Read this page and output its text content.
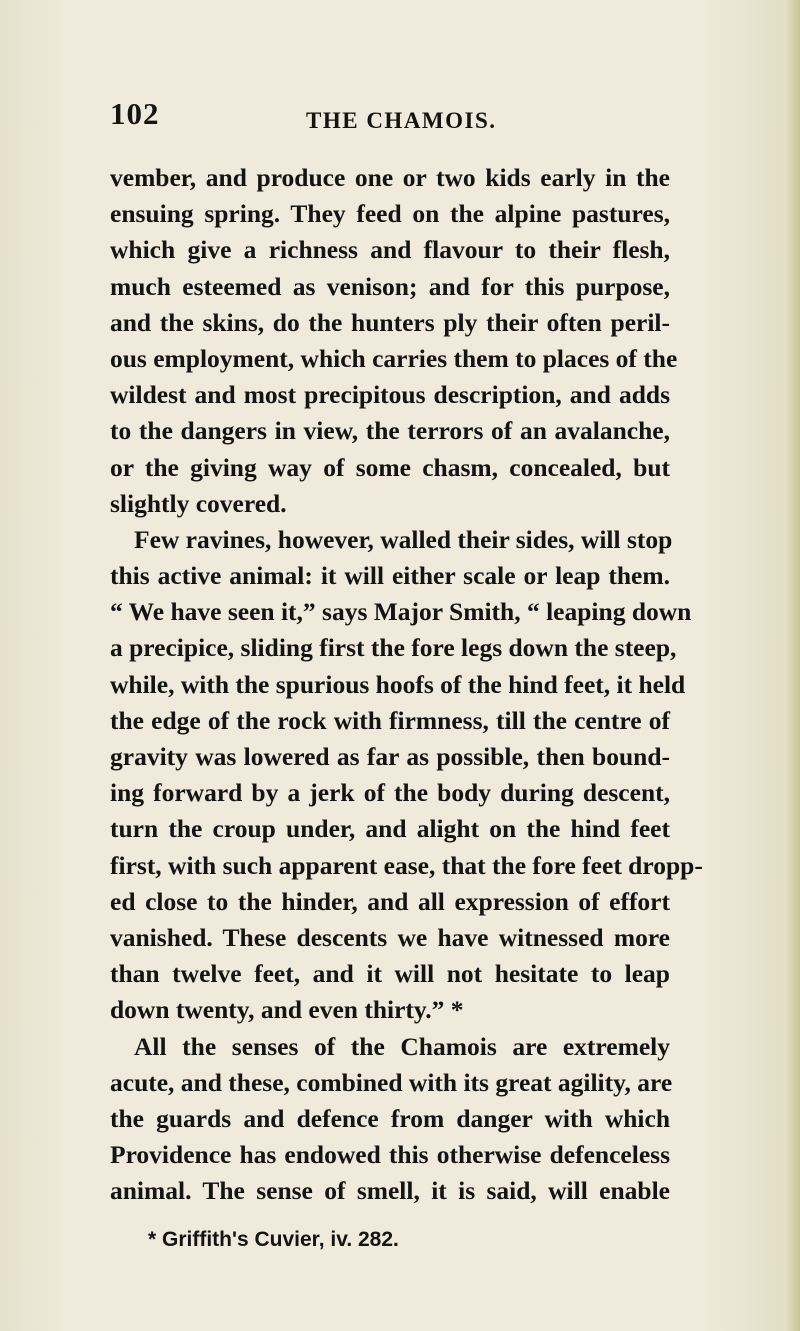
102	THE CHAMOIS.
vember, and produce one or two kids early in the
ensuing spring. They feed on the alpine pastures,
which give a richness and flavour to their flesh,
much esteemed as venison; and for this purpose,
and the skins, do the hunters ply their often peril-
ous employment, which carries them to places of the
wildest and most precipitous description, and adds
to the dangers in view, the terrors of an avalanche,
or the giving way of some chasm, concealed, but
slightly covered.
Few ravines, however, walled their sides, will stop
this active animal: it will either scale or leap them.
“ We have seen it,” says Major Smith, “ leaping down
a precipice, sliding first the fore legs down the steep,
while, with the spurious hoofs of the hind feet, it held
the edge of the rock with firmness, till the centre of
gravity was lowered as far as possible, then bound-
ing forward by a jerk of the body during descent,
turn the croup under, and alight on the hind feet
first, with such apparent ease, that the fore feet dropp-
ed close to the hinder, and all expression of effort
vanished. These descents we have witnessed more
than twelve feet, and it will not hesitate to leap
down twenty, and even thirty.” *
All the senses of the Chamois are extremely
acute, and these, combined with its great agility, are
the guards and defence from danger with which
Providence has endowed this otherwise defenceless
animal. The sense of smell, it is said, will enable
* Griffith's Cuvier, iv. 282.
